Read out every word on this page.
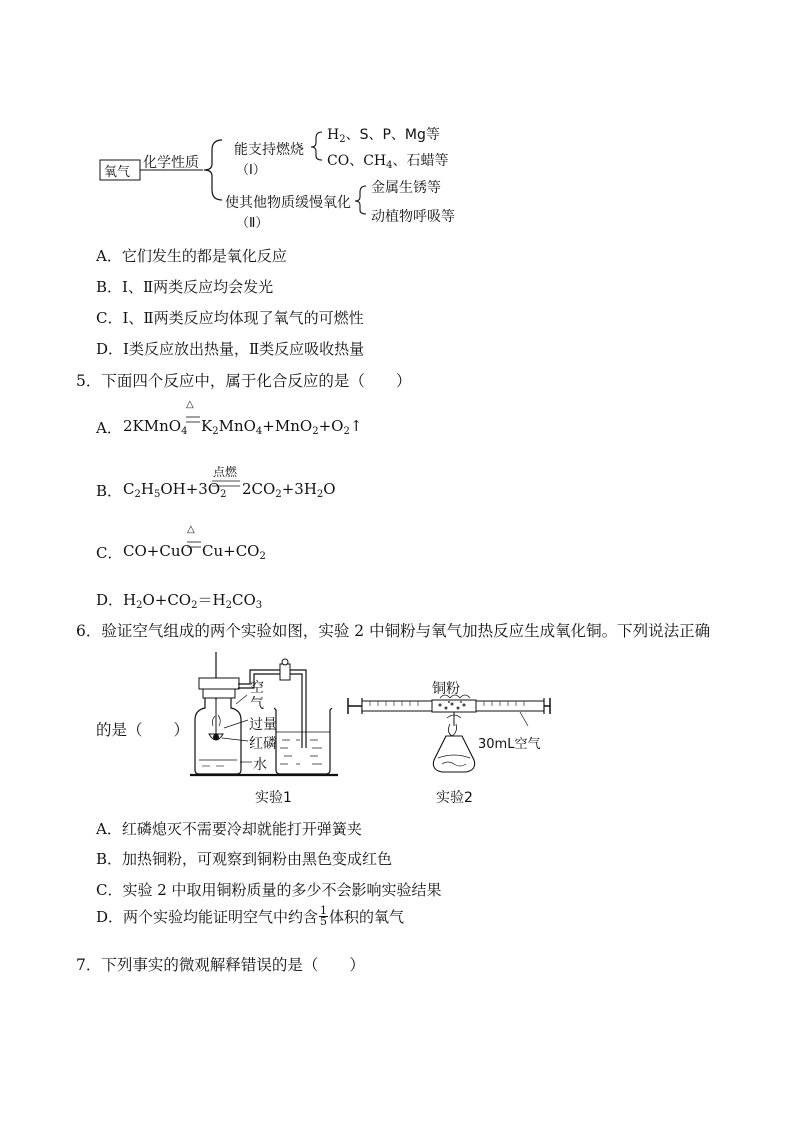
氧气
化学性质
能支持燃烧
（Ⅰ）
$H_2$、S、P、Mg等
CO、$CH_4$、石蜡等
使其他物质缓慢氧化
（Ⅱ）
金属生锈等
动植物呼吸等
A．它们发生的都是氧化反应
B．Ⅰ、Ⅱ两类反应均会发光
C．Ⅰ、Ⅱ两类反应均体现了氧气的可燃性
D．Ⅰ类反应放出热量，Ⅱ类反应吸收热量
5．下面四个反应中，属于化合反应的是（　　）
A． 2KMnO$_4$
△
$K_2MnO_4+MnO_2+O_2↑$
B． $C_2H_5OH+3O_2$
点燃
$2CO_2+3H_2O$
C． CO+CuO
△
$Cu+CO_2$
D． $H_2O+CO_2=H_2CO_3$
6．验证空气组成的两个实验如图，实验 2 中铜粉与氧气加热反应生成氧化铜。下列说法正确
的是（　　）
空气
过量
红磷
水
实验1
铜粉
30mL空气
实验2
A．红磷熄灭不需要冷却就能打开弹簧夹
B．加热铜粉，可观察到铜粉由黑色变成红色
C．实验 2 中取用铜粉质量的多少不会影响实验结果
D．两个实验均能证明空气中约含 $\frac{1}{5}$ 体积的氧气
7．下列事实的微观解释错误的是（　　）
